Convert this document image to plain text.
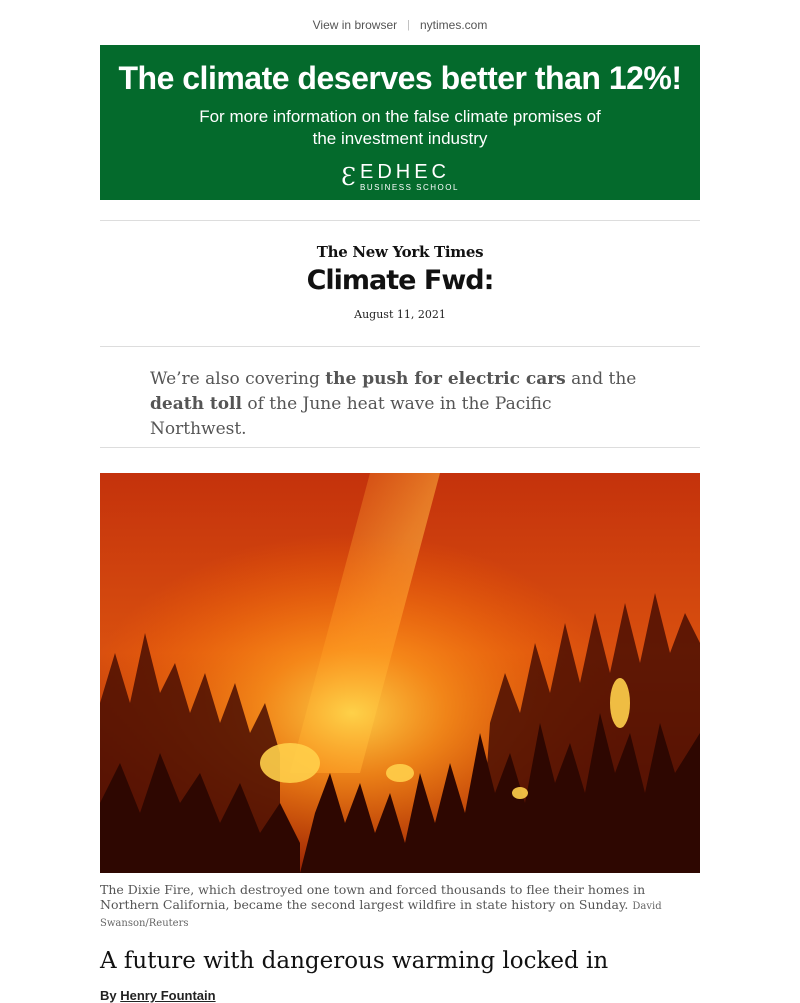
View in browser | nytimes.com
The climate deserves better than 12%!
For more information on the false climate promises of the investment industry
Ɛ EDHEC
BUSINESS SCHOOL
The New York Times
Climate Fwd:
August 11, 2021
We’re also covering the push for electric cars and the death toll of the June heat wave in the Pacific Northwest.
The Dixie Fire, which destroyed one town and forced thousands to flee their homes in Northern California, became the second largest wildfire in state history on Sunday. David Swanson/Reuters
A future with dangerous warming locked in
By Henry Fountain
